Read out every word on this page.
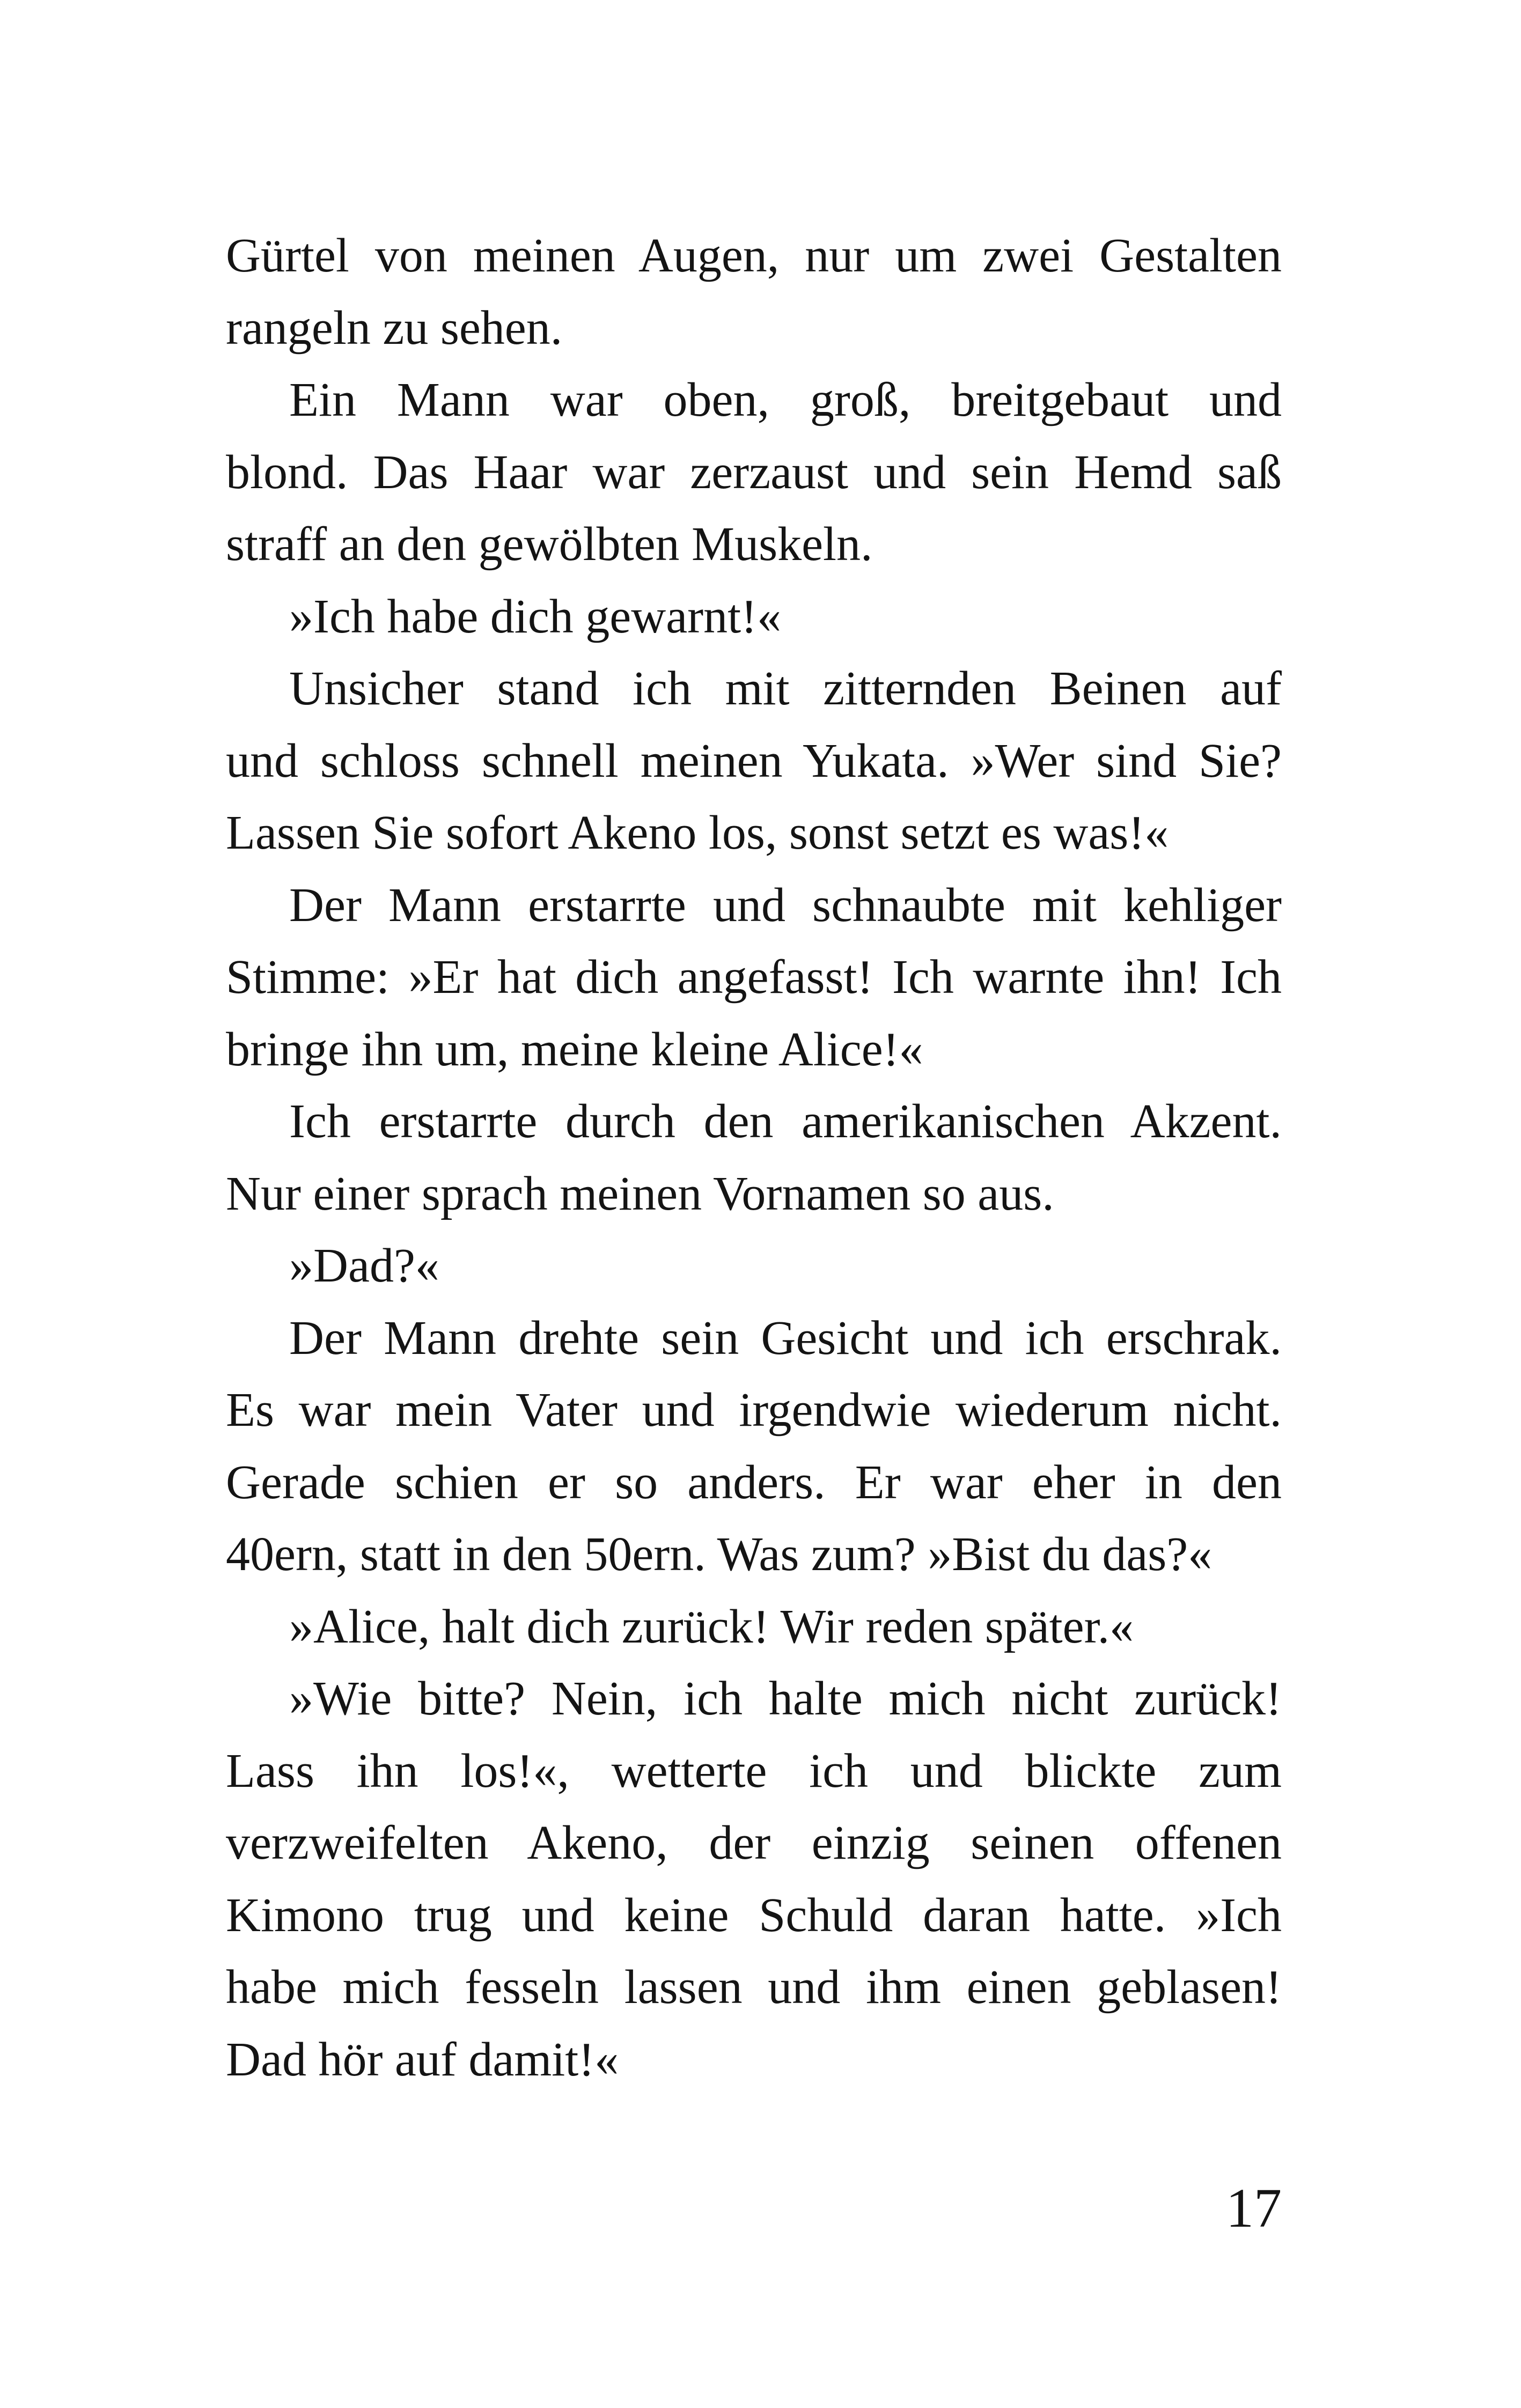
Gürtel von meinen Augen, nur um zwei Gestalten
rangeln zu sehen.
Ein Mann war oben, groß, breitgebaut und
blond. Das Haar war zerzaust und sein Hemd saß
straff an den gewölbten Muskeln.
»Ich habe dich gewarnt!«
Unsicher stand ich mit zitternden Beinen auf
und schloss schnell meinen Yukata. »Wer sind Sie?
Lassen Sie sofort Akeno los, sonst setzt es was!«
Der Mann erstarrte und schnaubte mit kehliger
Stimme: »Er hat dich angefasst! Ich warnte ihn! Ich
bringe ihn um, meine kleine Alice!«
Ich erstarrte durch den amerikanischen Akzent.
Nur einer sprach meinen Vornamen so aus.
»Dad?«
Der Mann drehte sein Gesicht und ich erschrak.
Es war mein Vater und irgendwie wiederum nicht.
Gerade schien er so anders. Er war eher in den
40ern, statt in den 50ern. Was zum? »Bist du das?«
»Alice, halt dich zurück! Wir reden später.«
»Wie bitte? Nein, ich halte mich nicht zurück!
Lass ihn los!«, wetterte ich und blickte zum
verzweifelten Akeno, der einzig seinen offenen
Kimono trug und keine Schuld daran hatte. »Ich
habe mich fesseln lassen und ihm einen geblasen!
Dad hör auf damit!«
17
